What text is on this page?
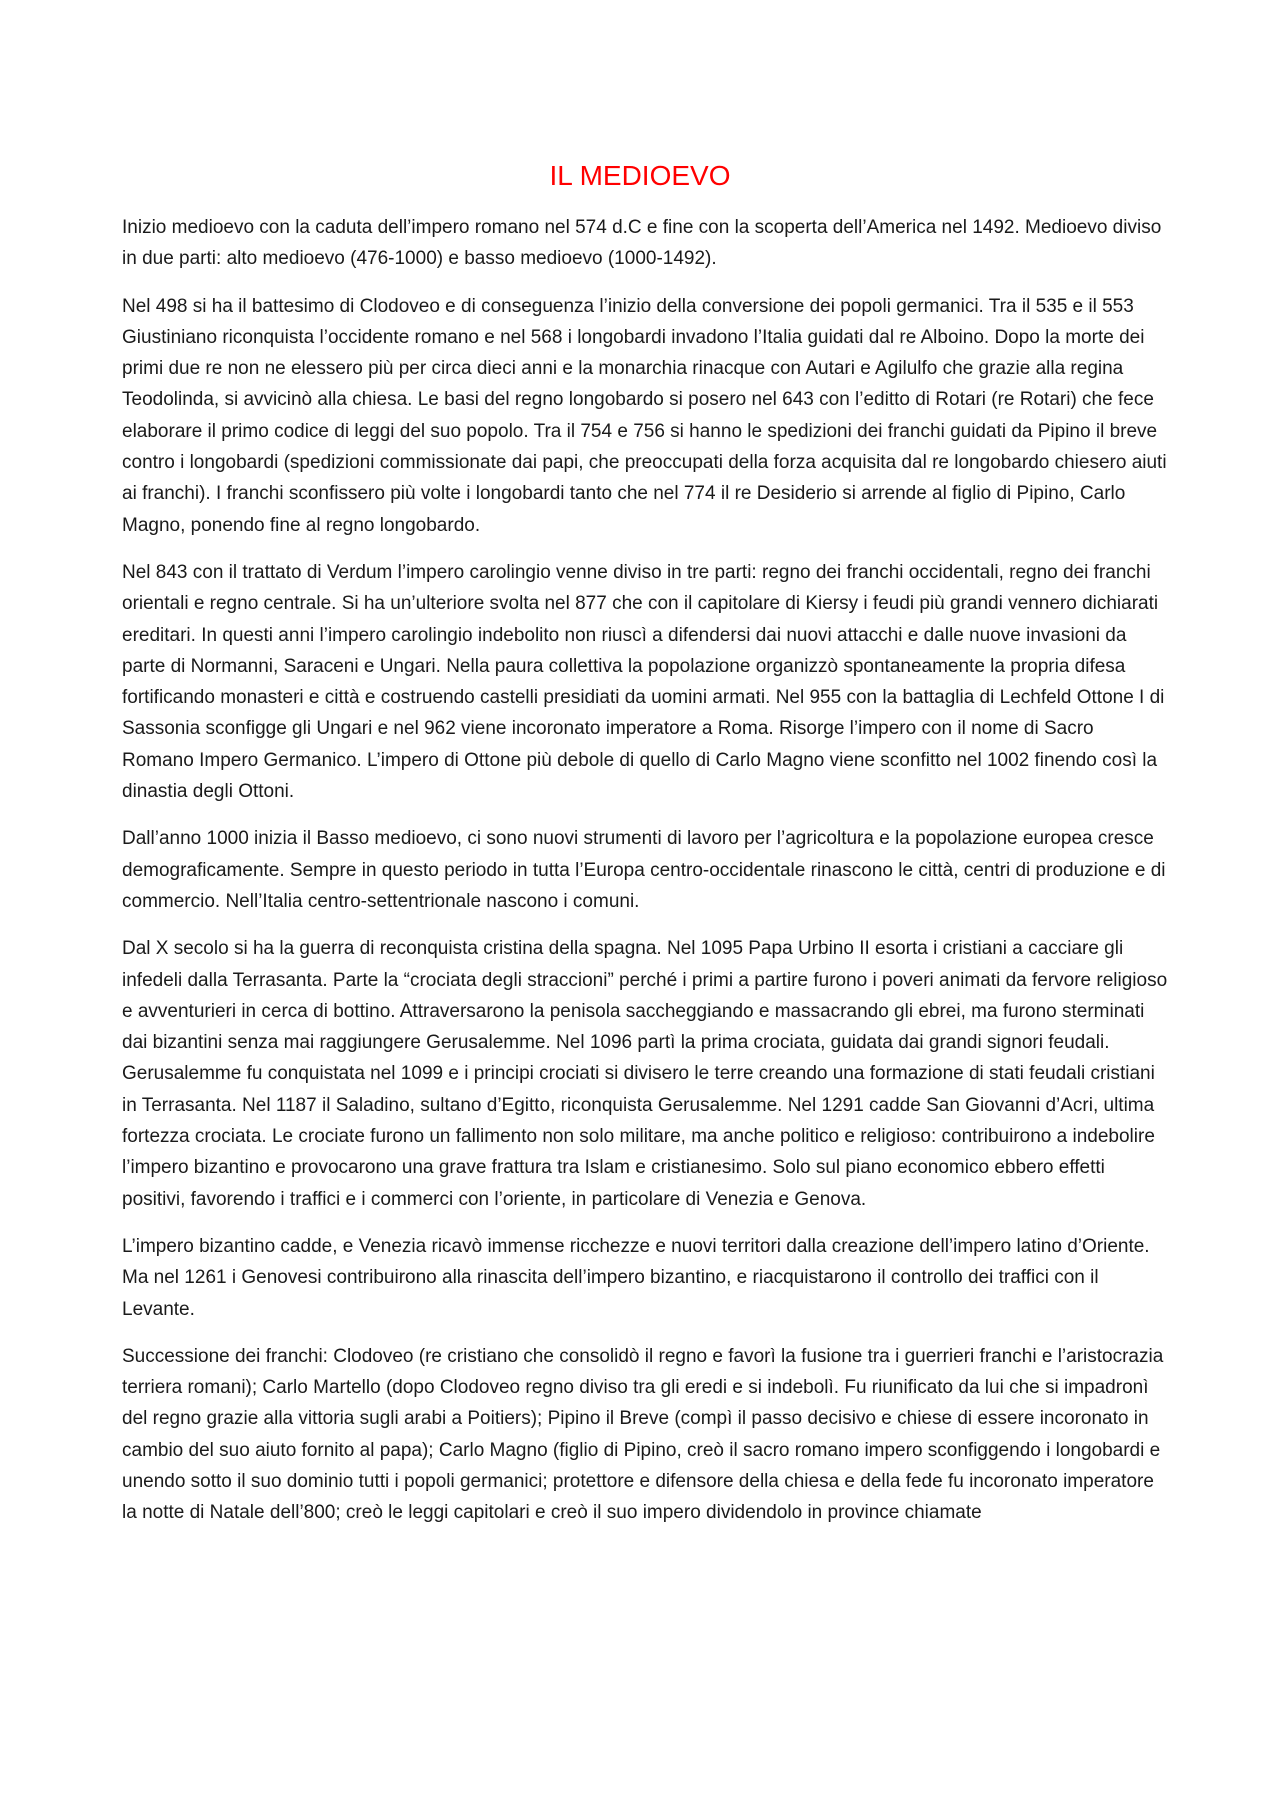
IL MEDIOEVO

Inizio medioevo con la caduta dell’impero romano nel 574 d.C e fine con la scoperta dell’America nel 1492. Medioevo diviso in due parti: alto medioevo (476-1000) e basso medioevo (1000-1492).

Nel 498 si ha il battesimo di Clodoveo e di conseguenza l’inizio della conversione dei popoli germanici. Tra il 535 e il 553 Giustiniano riconquista l’occidente romano e nel 568 i longobardi invadono l’Italia guidati dal re Alboino. Dopo la morte dei primi due re non ne elessero più per circa dieci anni e la monarchia rinacque con Autari e Agilulfo che grazie alla regina Teodolinda, si avvicinò alla chiesa. Le basi del regno longobardo si posero nel 643 con l’editto di Rotari (re Rotari) che fece elaborare il primo codice di leggi del suo popolo. Tra il 754 e 756 si hanno le spedizioni dei franchi guidati da Pipino il breve contro i longobardi (spedizioni commissionate dai papi, che preoccupati della forza acquisita dal re longobardo chiesero aiuti ai franchi). I franchi sconfissero più volte i longobardi tanto che nel 774 il re Desiderio si arrende al figlio di Pipino, Carlo Magno, ponendo fine al regno longobardo.

Nel 843 con il trattato di Verdum l’impero carolingio venne diviso in tre parti: regno dei franchi occidentali, regno dei franchi orientali e regno centrale. Si ha un’ulteriore svolta nel 877 che con il capitolare di Kiersy i feudi più grandi vennero dichiarati ereditari. In questi anni l’impero carolingio indebolito non riuscì a difendersi dai nuovi attacchi e dalle nuove invasioni da parte di Normanni, Saraceni e Ungari. Nella paura collettiva la popolazione organizzò spontaneamente la propria difesa fortificando monasteri e città e costruendo castelli presidiati da uomini armati. Nel 955 con la battaglia di Lechfeld Ottone I di Sassonia sconfigge gli Ungari e nel 962 viene incoronato imperatore a Roma. Risorge l’impero con il nome di Sacro Romano Impero Germanico. L’impero di Ottone più debole di quello di Carlo Magno viene sconfitto nel 1002 finendo così la dinastia degli Ottoni.

Dall’anno 1000 inizia il Basso medioevo, ci sono nuovi strumenti di lavoro per l’agricoltura e la popolazione europea cresce demograficamente. Sempre in questo periodo in tutta l’Europa centro-occidentale rinascono le città, centri di produzione e di commercio. Nell’Italia centro-settentrionale nascono i comuni.

Dal X secolo si ha la guerra di reconquista cristina della spagna. Nel 1095 Papa Urbino II esorta i cristiani a cacciare gli infedeli dalla Terrasanta. Parte la “crociata degli straccioni” perché i primi a partire furono i poveri animati da fervore religioso e avventurieri in cerca di bottino. Attraversarono la penisola saccheggiando e massacrando gli ebrei, ma furono sterminati dai bizantini senza mai raggiungere Gerusalemme. Nel 1096 partì la prima crociata, guidata dai grandi signori feudali. Gerusalemme fu conquistata nel 1099 e i principi crociati si divisero le terre creando una formazione di stati feudali cristiani in Terrasanta. Nel 1187 il Saladino, sultano d’Egitto, riconquista Gerusalemme. Nel 1291 cadde San Giovanni d’Acri, ultima fortezza crociata. Le crociate furono un fallimento non solo militare, ma anche politico e religioso: contribuirono a indebolire l’impero bizantino e provocarono una grave frattura tra Islam e cristianesimo. Solo sul piano economico ebbero effetti positivi, favorendo i traffici e i commerci con l’oriente, in particolare di Venezia e Genova.

L’impero bizantino cadde, e Venezia ricavò immense ricchezze e nuovi territori dalla creazione dell’impero latino d’Oriente. Ma nel 1261 i Genovesi contribuirono alla rinascita dell’impero bizantino, e riacquistarono il controllo dei traffici con il Levante.

Successione dei franchi: Clodoveo (re cristiano che consolidò il regno e favorì la fusione tra i guerrieri franchi e l’aristocrazia terriera romani); Carlo Martello (dopo Clodoveo regno diviso tra gli eredi e si indebolì. Fu riunificato da lui che si impadronì del regno grazie alla vittoria sugli arabi a Poitiers); Pipino il Breve (compì il passo decisivo e chiese di essere incoronato in cambio del suo aiuto fornito al papa); Carlo Magno (figlio di Pipino, creò il sacro romano impero sconfiggendo i longobardi e unendo sotto il suo dominio tutti i popoli germanici; protettore e difensore della chiesa e della fede fu incoronato imperatore la notte di Natale dell’800; creò le leggi capitolari e creò il suo impero dividendolo in province chiamate
